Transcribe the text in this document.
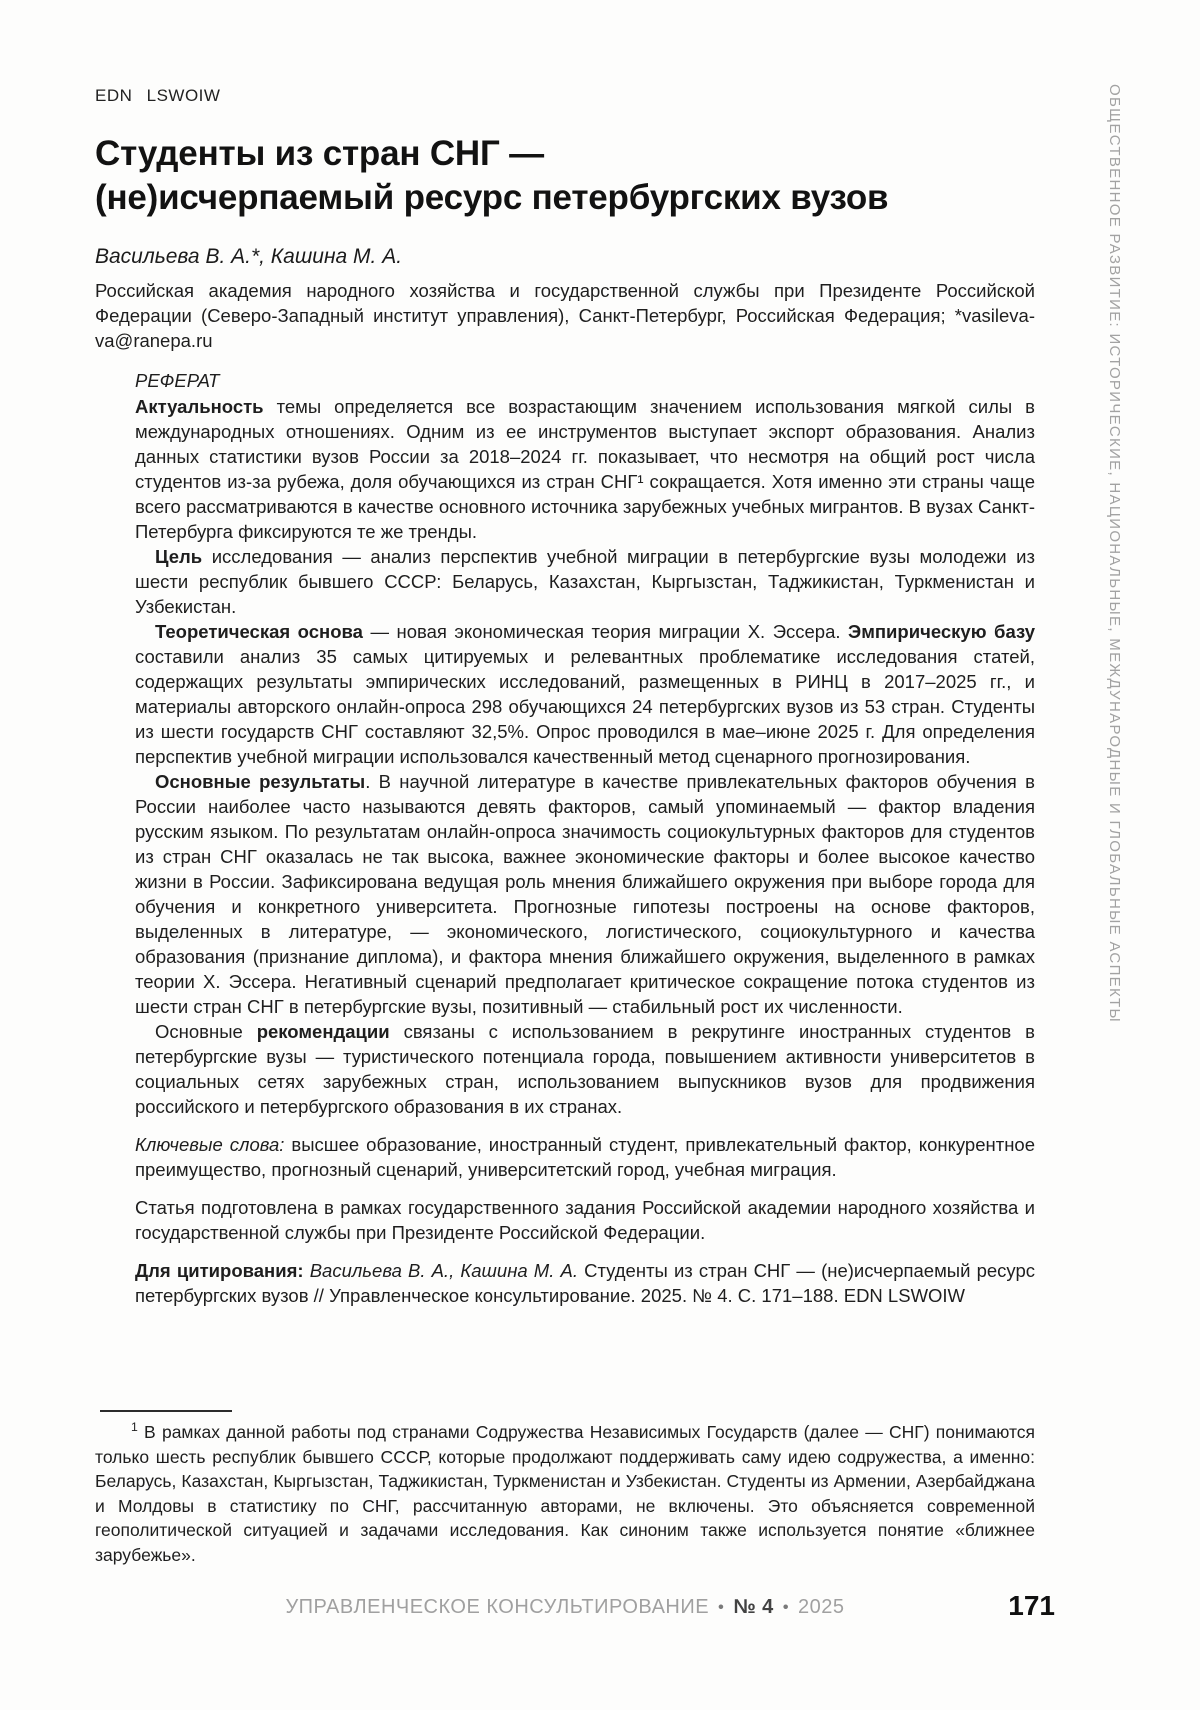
ОБЩЕСТВЕННОЕ РАЗВИТИЕ: ИСТОРИЧЕСКИЕ, НАЦИОНАЛЬНЫЕ, МЕЖДУНАРОДНЫЕ И ГЛОБАЛЬНЫЕ АСПЕКТЫ
EDN LSWOIW
Студенты из стран СНГ —
(не)исчерпаемый ресурс петербургских вузов
Васильева В. А.*, Кашина М. А.
Российская академия народного хозяйства и государственной службы при Президенте Российской Федерации (Северо-Западный институт управления), Санкт-Петербург, Российская Федерация; *vasileva-va@ranepa.ru
РЕФЕРАТ

Актуальность темы определяется все возрастающим значением использования мягкой силы в международных отношениях. Одним из ее инструментов выступает экспорт образования. Анализ данных статистики вузов России за 2018–2024 гг. показывает, что несмотря на общий рост числа студентов из-за рубежа, доля обучающихся из стран СНГ¹ сокращается. Хотя именно эти страны чаще всего рассматриваются в качестве основного источника зарубежных учебных мигрантов. В вузах Санкт-Петербурга фиксируются те же тренды.

Цель исследования — анализ перспектив учебной миграции в петербургские вузы молодежи из шести республик бывшего СССР: Беларусь, Казахстан, Кыргызстан, Таджикистан, Туркменистан и Узбекистан.

Теоретическая основа — новая экономическая теория миграции Х. Эссера. Эмпирическую базу составили анализ 35 самых цитируемых и релевантных проблематике исследования статей, содержащих результаты эмпирических исследований, размещенных в РИНЦ в 2017–2025 гг., и материалы авторского онлайн-опроса 298 обучающихся 24 петербургских вузов из 53 стран. Студенты из шести государств СНГ составляют 32,5%. Опрос проводился в мае–июне 2025 г. Для определения перспектив учебной миграции использовался качественный метод сценарного прогнозирования.

Основные результаты. В научной литературе в качестве привлекательных факторов обучения в России наиболее часто называются девять факторов, самый упоминаемый — фактор владения русским языком. По результатам онлайн-опроса значимость социокультурных факторов для студентов из стран СНГ оказалась не так высока, важнее экономические факторы и более высокое качество жизни в России. Зафиксирована ведущая роль мнения ближайшего окружения при выборе города для обучения и конкретного университета. Прогнозные гипотезы построены на основе факторов, выделенных в литературе, — экономического, логистического, социокультурного и качества образования (признание диплома), и фактора мнения ближайшего окружения, выделенного в рамках теории Х. Эссера. Негативный сценарий предполагает критическое сокращение потока студентов из шести стран СНГ в петербургские вузы, позитивный — стабильный рост их численности.

Основные рекомендации связаны с использованием в рекрутинге иностранных студентов в петербургские вузы — туристического потенциала города, повышением активности университетов в социальных сетях зарубежных стран, использованием выпускников вузов для продвижения российского и петербургского образования в их странах.

Ключевые слова: высшее образование, иностранный студент, привлекательный фактор, конкурентное преимущество, прогнозный сценарий, университетский город, учебная миграция.

Статья подготовлена в рамках государственного задания Российской академии народного хозяйства и государственной службы при Президенте Российской Федерации.

Для цитирования: Васильева В. А., Кашина М. А. Студенты из стран СНГ — (не)исчерпаемый ресурс петербургских вузов // Управленческое консультирование. 2025. № 4. С. 171–188. EDN LSWOIW

$^1$ В рамках данной работы под странами Содружества Независимых Государств (далее — СНГ) понимаются только шесть республик бывшего СССР, которые продолжают поддерживать саму идею содружества, а именно: Беларусь, Казахстан, Кыргызстан, Таджикистан, Туркменистан и Узбекистан. Студенты из Армении, Азербайджана и Молдовы в статистику по СНГ, рассчитанную авторами, не включены. Это объясняется современной геополитической ситуацией и задачами исследования. Как синоним также используется понятие «ближнее зарубежье».
УПРАВЛЕНЧЕСКОЕ КОНСУЛЬТИРОВАНИЕ • № 4 • 2025	171
